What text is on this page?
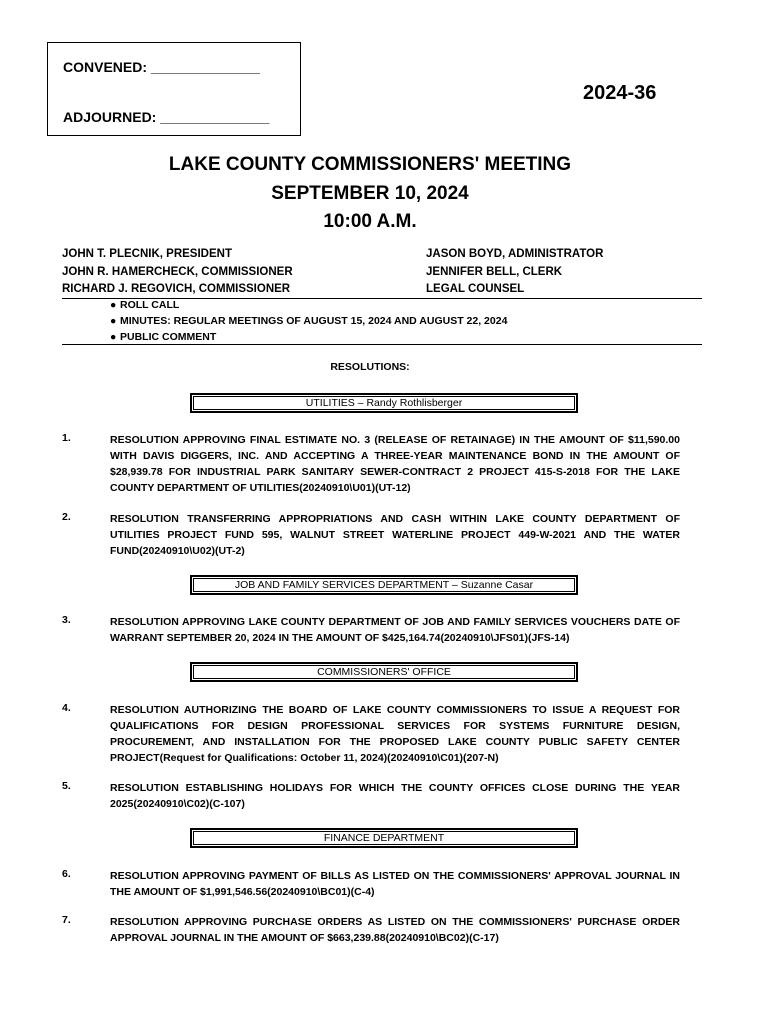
CONVENED: ______________
ADJOURNED: ______________
2024-36
LAKE COUNTY COMMISSIONERS' MEETING
SEPTEMBER 10, 2024
10:00 A.M.
JOHN T. PLECNIK, PRESIDENT
JOHN R. HAMERCHECK, COMMISSIONER
RICHARD J. REGOVICH, COMMISSIONER
JASON BOYD, ADMINISTRATOR
JENNIFER BELL, CLERK
LEGAL COUNSEL
● ROLL CALL
● MINUTES: REGULAR MEETINGS OF AUGUST 15, 2024 AND AUGUST 22, 2024
● PUBLIC COMMENT
RESOLUTIONS:
UTILITIES – Randy Rothlisberger
1.	RESOLUTION APPROVING FINAL ESTIMATE NO. 3 (RELEASE OF RETAINAGE) IN THE AMOUNT OF $11,590.00 WITH DAVIS DIGGERS, INC. AND ACCEPTING A THREE-YEAR MAINTENANCE BOND IN THE AMOUNT OF $28,939.78 FOR INDUSTRIAL PARK SANITARY SEWER-CONTRACT 2 PROJECT 415-S-2018 FOR THE LAKE COUNTY DEPARTMENT OF UTILITIES(20240910\U01)(UT-12)
2.	RESOLUTION TRANSFERRING APPROPRIATIONS AND CASH WITHIN LAKE COUNTY DEPARTMENT OF UTILITIES PROJECT FUND 595, WALNUT STREET WATERLINE PROJECT 449-W-2021 AND THE WATER FUND(20240910\U02)(UT-2)
JOB AND FAMILY SERVICES DEPARTMENT – Suzanne Casar
3.	RESOLUTION APPROVING LAKE COUNTY DEPARTMENT OF JOB AND FAMILY SERVICES VOUCHERS DATE OF WARRANT SEPTEMBER 20, 2024 IN THE AMOUNT OF $425,164.74(20240910\JFS01)(JFS-14)
COMMISSIONERS' OFFICE
4.	RESOLUTION AUTHORIZING THE BOARD OF LAKE COUNTY COMMISSIONERS TO ISSUE A REQUEST FOR QUALIFICATIONS FOR DESIGN PROFESSIONAL SERVICES FOR SYSTEMS FURNITURE DESIGN, PROCUREMENT, AND INSTALLATION FOR THE PROPOSED LAKE COUNTY PUBLIC SAFETY CENTER PROJECT(Request for Qualifications: October 11, 2024)(20240910\C01)(207-N)
5.	RESOLUTION ESTABLISHING HOLIDAYS FOR WHICH THE COUNTY OFFICES CLOSE DURING THE YEAR 2025(20240910\C02)(C-107)
FINANCE DEPARTMENT
6.	RESOLUTION APPROVING PAYMENT OF BILLS AS LISTED ON THE COMMISSIONERS' APPROVAL JOURNAL IN THE AMOUNT OF $1,991,546.56(20240910\BC01)(C-4)
7.	RESOLUTION APPROVING PURCHASE ORDERS AS LISTED ON THE COMMISSIONERS' PURCHASE ORDER APPROVAL JOURNAL IN THE AMOUNT OF $663,239.88(20240910\BC02)(C-17)
